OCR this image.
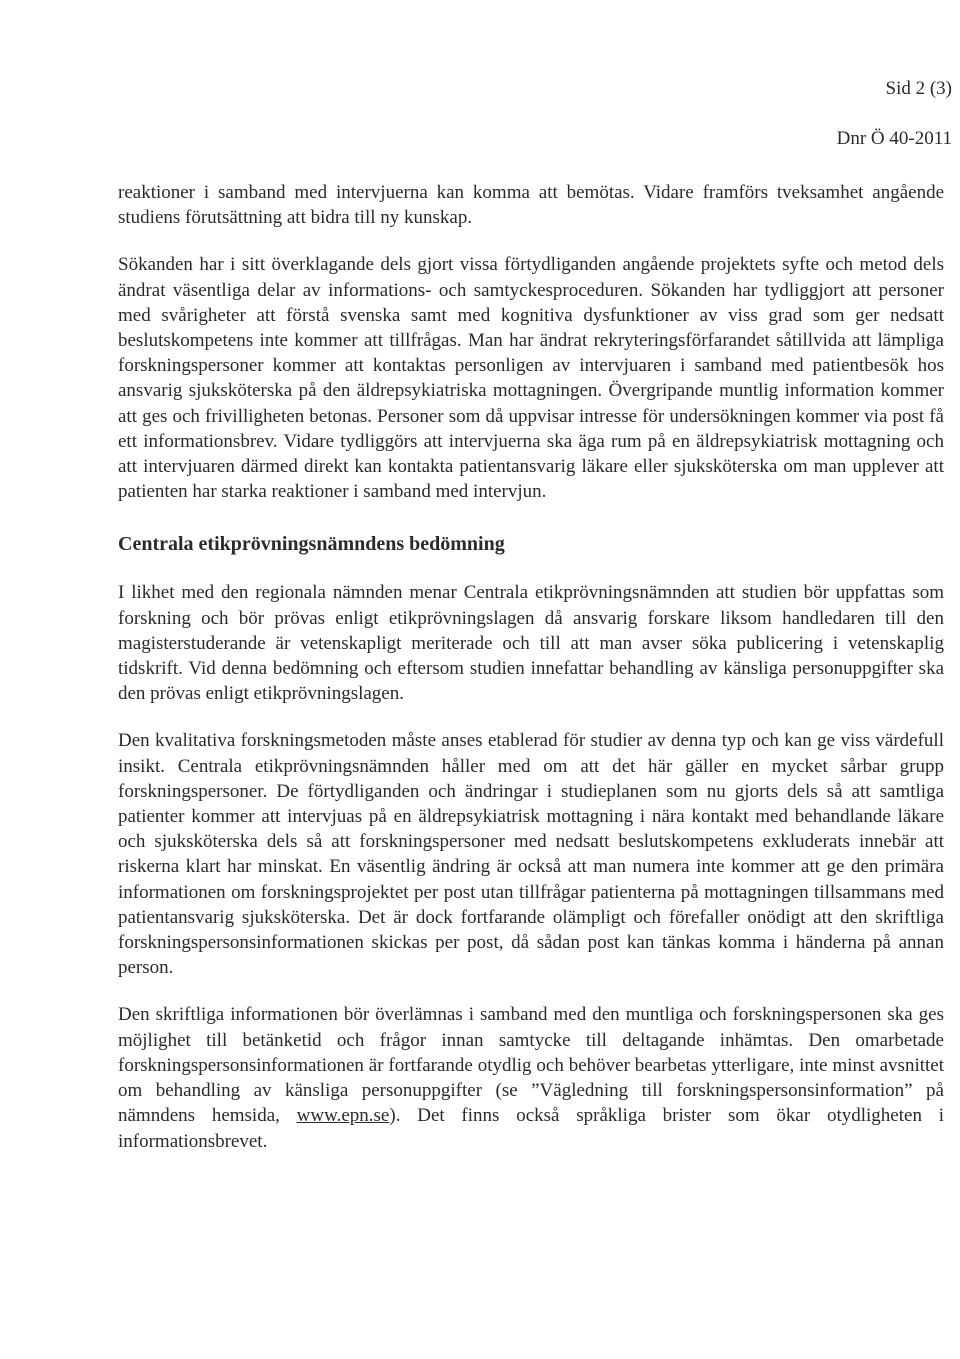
Sid 2 (3)
Dnr Ö 40-2011

reaktioner i samband med intervjuerna kan komma att bemötas. Vidare framförs tveksamhet angående studiens förutsättning att bidra till ny kunskap.

Sökanden har i sitt överklagande dels gjort vissa förtydliganden angående projektets syfte och metod dels ändrat väsentliga delar av informations- och samtyckesproceduren. Sökanden har tydliggjort att personer med svårigheter att förstå svenska samt med kognitiva dysfunktioner av viss grad som ger nedsatt beslutskompetens inte kommer att tillfrågas. Man har ändrat rekryteringsförfarandet såtillvida att lämpliga forskningspersoner kommer att kontaktas personligen av intervjuaren i samband med patientbesök hos ansvarig sjuksköterska på den äldrepsykiatriska mottagningen. Övergripande muntlig information kommer att ges och frivilligheten betonas. Personer som då uppvisar intresse för undersökningen kommer via post få ett informationsbrev. Vidare tydliggörs att intervjuerna ska äga rum på en äldrepsykiatrisk mottagning och att intervjuaren därmed direkt kan kontakta patientansvarig läkare eller sjuksköterska om man upplever att patienten har starka reaktioner i samband med intervjun.

Centrala etikprövningsnämndens bedömning

I likhet med den regionala nämnden menar Centrala etikprövningsnämnden att studien bör uppfattas som forskning och bör prövas enligt etikprövningslagen då ansvarig forskare liksom handledaren till den magisterstuderande är vetenskapligt meriterade och till att man avser söka publicering i vetenskaplig tidskrift. Vid denna bedömning och eftersom studien innefattar behandling av känsliga personuppgifter ska den prövas enligt etikprövningslagen.

Den kvalitativa forskningsmetoden måste anses etablerad för studier av denna typ och kan ge viss värdefull insikt. Centrala etikprövningsnämnden håller med om att det här gäller en mycket sårbar grupp forskningspersoner. De förtydliganden och ändringar i studieplanen som nu gjorts dels så att samtliga patienter kommer att intervjuas på en äldrepsykiatrisk mottagning i nära kontakt med behandlande läkare och sjuksköterska dels så att forskningspersoner med nedsatt beslutskompetens exkluderats innebär att riskerna klart har minskat. En väsentlig ändring är också att man numera inte kommer att ge den primära informationen om forskningsprojektet per post utan tillfrågar patienterna på mottagningen tillsammans med patientansvarig sjuksköterska. Det är dock fortfarande olämpligt och förefaller onödigt att den skriftliga forskningspersonsinformationen skickas per post, då sådan post kan tänkas komma i händerna på annan person.

Den skriftliga informationen bör överlämnas i samband med den muntliga och forskningspersonen ska ges möjlighet till betänketid och frågor innan samtycke till deltagande inhämtas. Den omarbetade forskningspersonsinformationen är fortfarande otydlig och behöver bearbetas ytterligare, inte minst avsnittet om behandling av känsliga personuppgifter (se ”Vägledning till forskningspersonsinformation” på nämndens hemsida, www.epn.se). Det finns också språkliga brister som ökar otydligheten i informationsbrevet.
